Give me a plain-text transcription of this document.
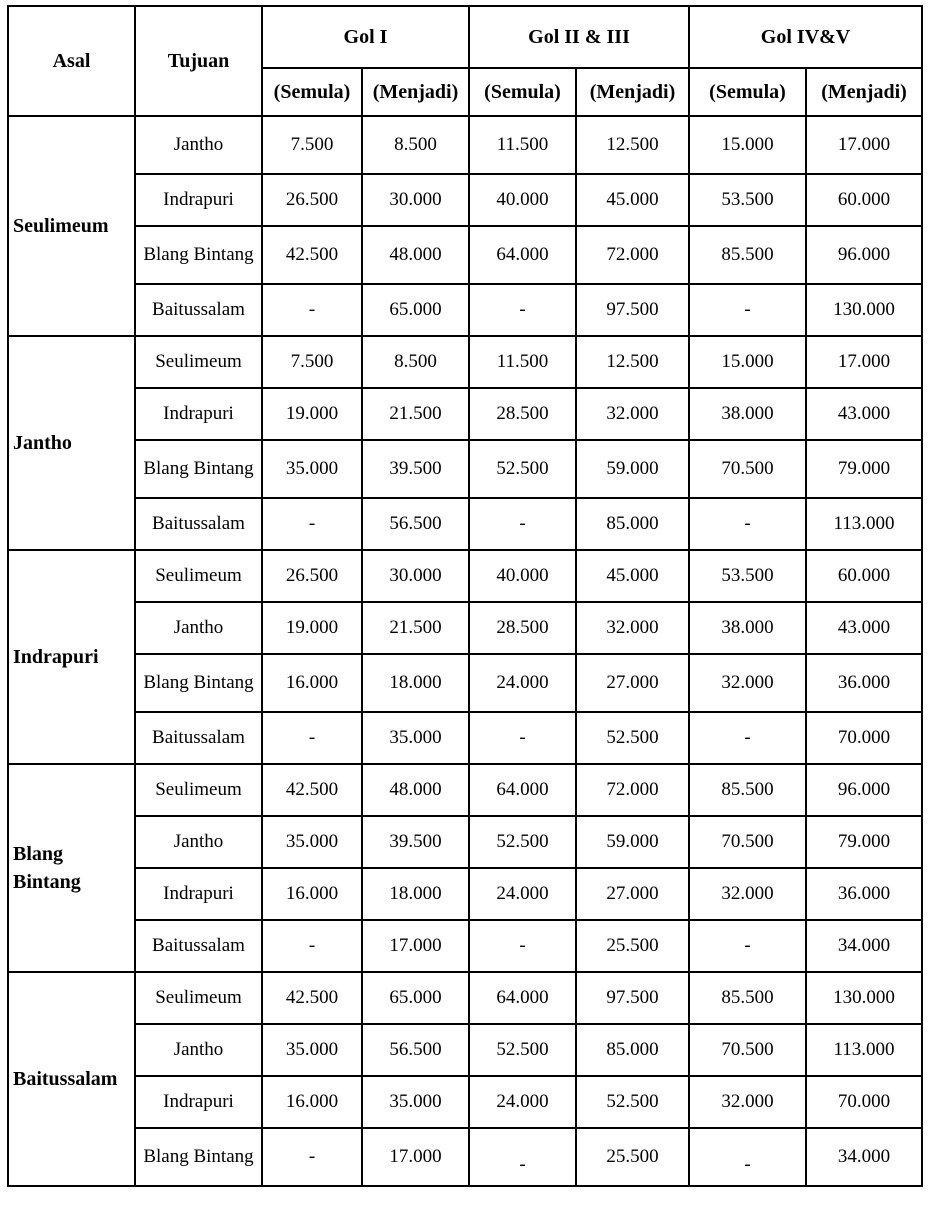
Asal	Tujuan	Gol I		Gol II & III		Gol IV&V	
		(Semula)	(Menjadi)	(Semula)	(Menjadi)	(Semula)	(Menjadi)
Seulimeum	Jantho	7.500	8.500	11.500	12.500	15.000	17.000
	Indrapuri	26.500	30.000	40.000	45.000	53.500	60.000
	Blang Bintang	42.500	48.000	64.000	72.000	85.500	96.000
	Baitussalam	-	65.000	-	97.500	-	130.000
Jantho	Seulimeum	7.500	8.500	11.500	12.500	15.000	17.000
	Indrapuri	19.000	21.500	28.500	32.000	38.000	43.000
	Blang Bintang	35.000	39.500	52.500	59.000	70.500	79.000
	Baitussalam	-	56.500	-	85.000	-	113.000
Indrapuri	Seulimeum	26.500	30.000	40.000	45.000	53.500	60.000
	Jantho	19.000	21.500	28.500	32.000	38.000	43.000
	Blang Bintang	16.000	18.000	24.000	27.000	32.000	36.000
	Baitussalam	-	35.000	-	52.500	-	70.000
Blang Bintang	Seulimeum	42.500	48.000	64.000	72.000	85.500	96.000
	Jantho	35.000	39.500	52.500	59.000	70.500	79.000
	Indrapuri	16.000	18.000	24.000	27.000	32.000	36.000
	Baitussalam	-	17.000	-	25.500	-	34.000
Baitussalam	Seulimeum	42.500	65.000	64.000	97.500	85.500	130.000
	Jantho	35.000	56.500	52.500	85.000	70.500	113.000
	Indrapuri	16.000	35.000	24.000	52.500	32.000	70.000
	Blang Bintang	-	17.000	-	25.500	-	34.000
